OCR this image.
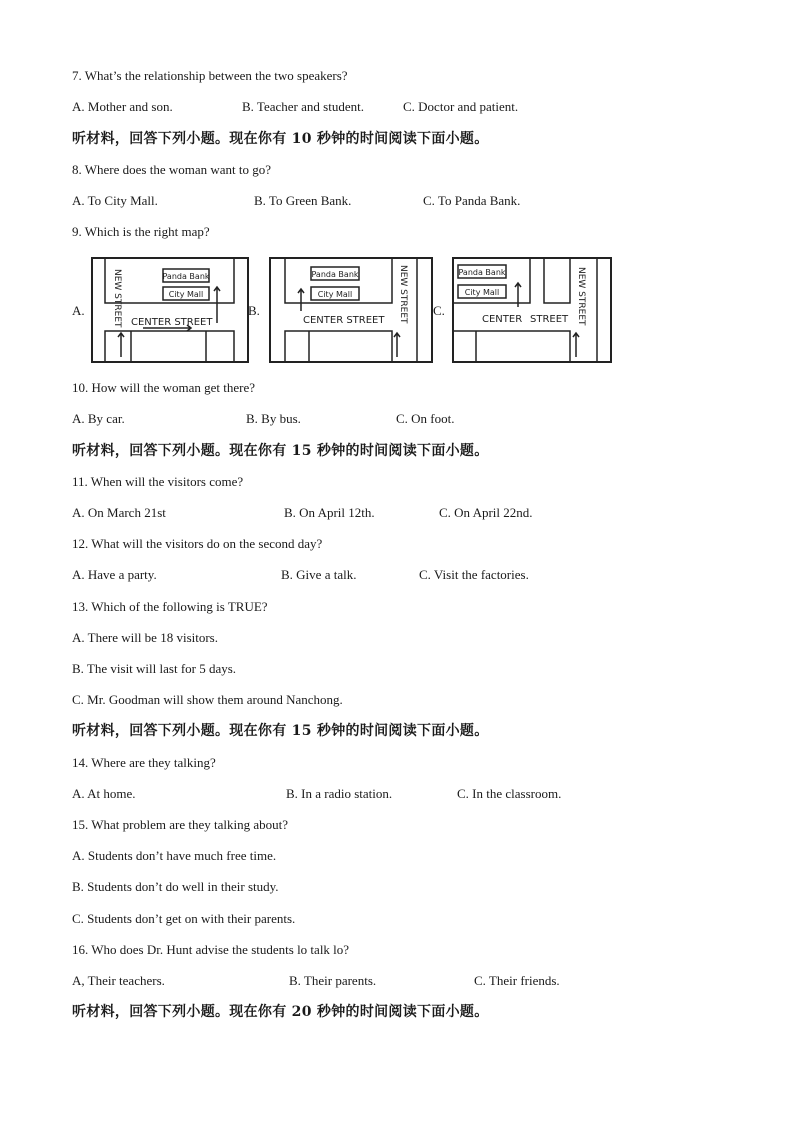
7. What’s the relationship between the two speakers?
A. Mother and son.	B. Teacher and student.	C. Doctor and patient.
听材料，回答下列小题。现在你有 10 秒钟的时间阅读下面小题。
8. Where does the woman want to go?
A. To City Mall.	B. To Green Bank.	C. To Panda Bank.
9. Which is the right map?
A.	B.	C.
Panda Bank
City Mall
CENTER STREET
NEW STREET	Panda Bank
City Mall
CENTER STREET NEW STREET	Panda Bank
City Mall
CENTER STREET NEW STREET
10. How will the woman get there?
A. By car.	B. By bus.	C. On foot.
听材料，回答下列小题。现在你有 15 秒钟的时间阅读下面小题。
11. When will the visitors come?
A. On March 21st	B. On April 12th.	C. On April 22nd.
12. What will the visitors do on the second day?
A. Have a party.	B. Give a talk.	C. Visit the factories.
13. Which of the following is TRUE?
A. There will be 18 visitors.
B. The visit will last for 5 days.
C. Mr. Goodman will show them around Nanchong.
听材料，回答下列小题。现在你有 15 秒钟的时间阅读下面小题。
14. Where are they talking?
A. At home.	B. In a radio station.	C. In the classroom.
15. What problem are they talking about?
A. Students don’t have much free time.
B. Students don’t do well in their study.
C. Students don’t get on with their parents.
16. Who does Dr. Hunt advise the students lo talk lo?
A, Their teachers.	B. Their parents.	C. Their friends.
听材料，回答下列小题。现在你有 20 秒钟的时间阅读下面小题。
